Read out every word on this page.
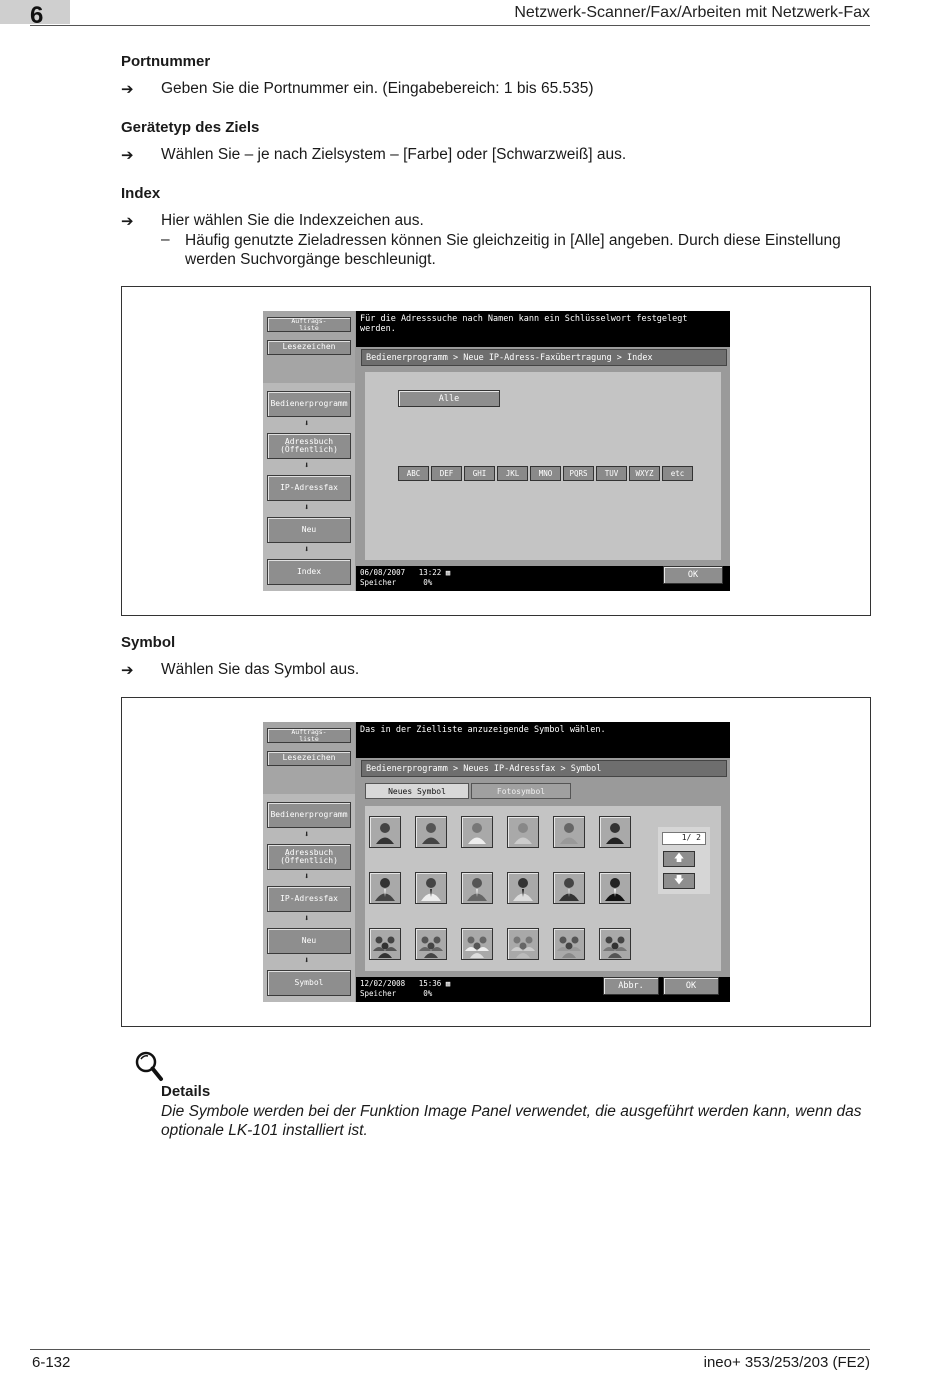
6	Netzwerk-Scanner/Fax/Arbeiten mit Netzwerk-Fax
Portnummer
➔ Geben Sie die Portnummer ein. (Eingabebereich: 1 bis 65.535)
Gerätetyp des Ziels
➔ Wählen Sie – je nach Zielsystem – [Farbe] oder [Schwarzweiß] aus.
Index
➔ Hier wählen Sie die Indexzeichen aus.
– Häufig genutzte Zieladressen können Sie gleichzeitig in [Alle] angeben. Durch diese Einstellung werden Suchvorgänge beschleunigt.
Auftrags-
liste
Lesezeichen
Bedienerprogramm
⬇
Adressbuch
(Öffentlich)
⬇
IP-Adressfax
⬇
Neu
⬇
Index
Für die Adresssuche nach Namen kann ein Schlüsselwort festgelegt werden.
Bedienerprogramm > Neue IP-Adress-Faxübertragung > Index
Alle
ABC	DEF	GHI	JKL	MNO	PQRS	TUV	WXYZ	etc
06/08/2007 13:22 ▦
Speicher	0%
OK
Symbol
➔ Wählen Sie das Symbol aus.
Auftrags-
liste
Lesezeichen
Bedienerprogramm
⬇
Adressbuch
(Öffentlich)
⬇
IP-Adressfax
⬇
Neu
⬇
Symbol
Das in der Zielliste anzuzeigende Symbol wählen.
Bedienerprogramm > Neues IP-Adressfax > Symbol
Neues Symbol	Fotosymbol
1/ 2
🡅
🡇
12/02/2008 15:36 ▦
Speicher	0%
Abbr.	OK
Details
Die Symbole werden bei der Funktion Image Panel verwendet, die ausgeführt werden kann, wenn das optionale LK-101 installiert ist.
6-132	ineo+ 353/253/203 (FE2)
